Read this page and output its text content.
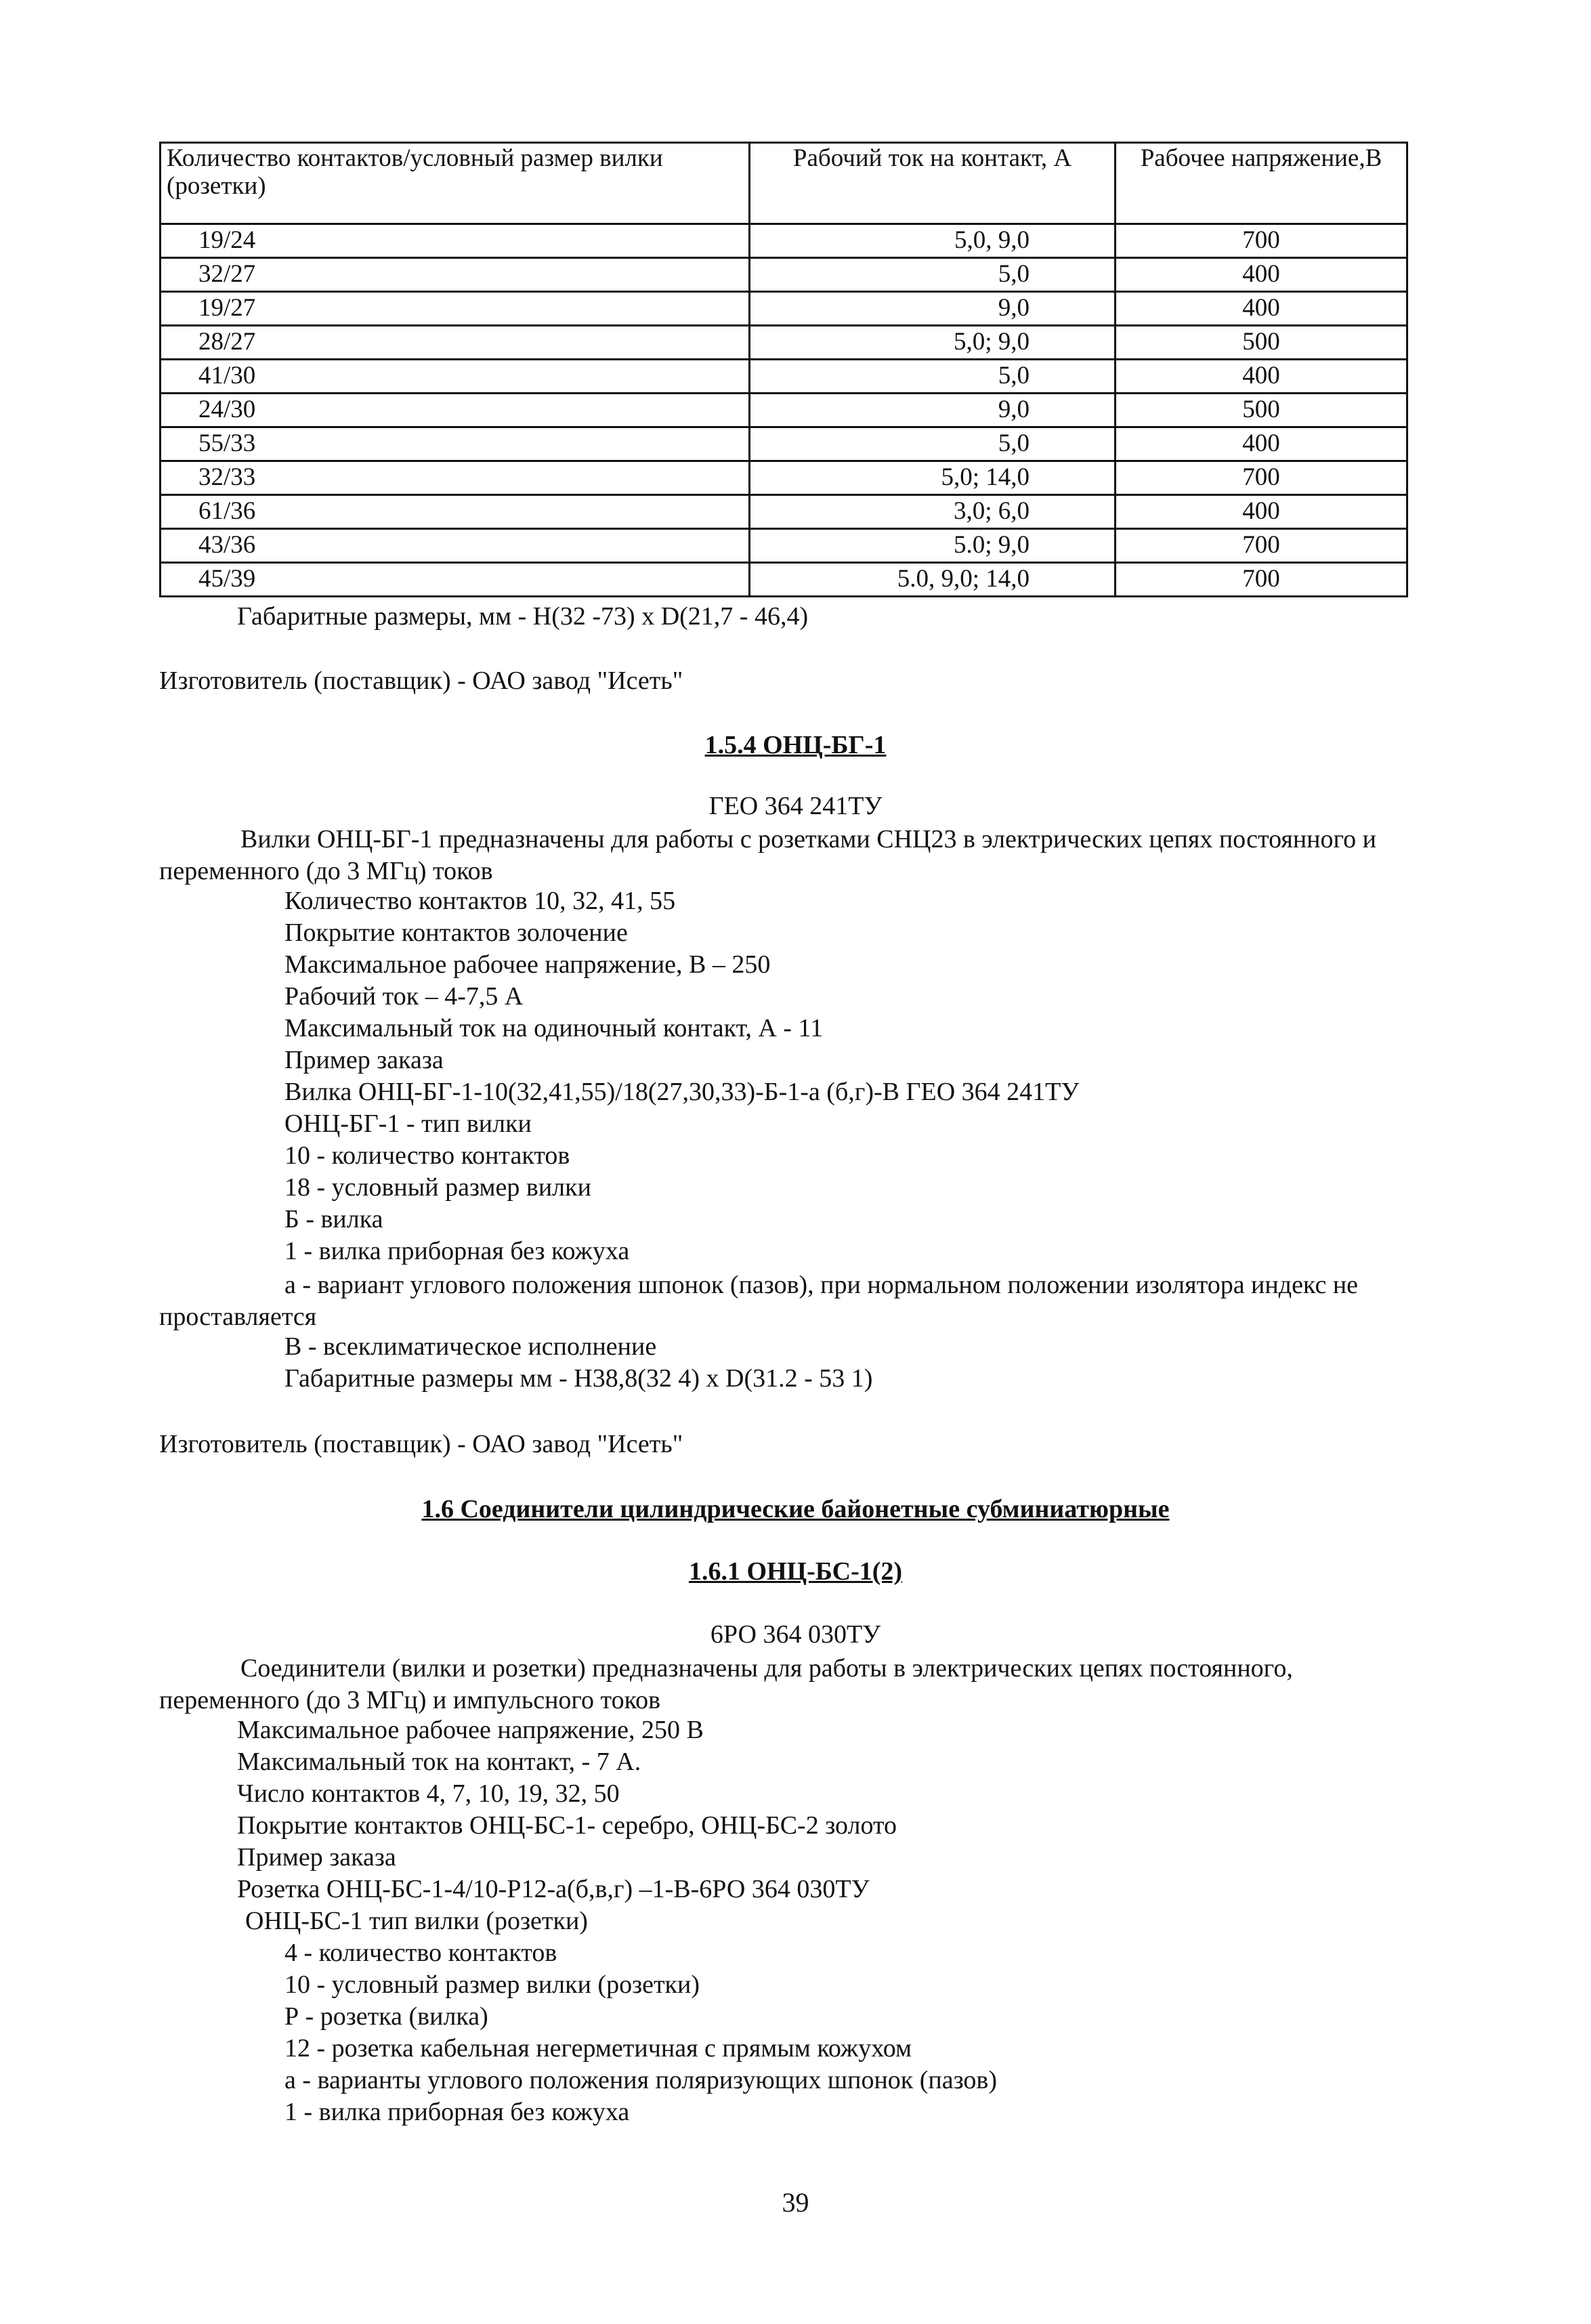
Количество контактов/условный размер вилки (розетки)	Рабочий ток на контакт, А	Рабочее напряжение,В
19/24	5,0, 9,0	700
32/27	5,0	400
19/27	9,0	400
28/27	5,0; 9,0	500
41/30	5,0	400
24/30	9,0	500
55/33	5,0	400
32/33	5,0; 14,0	700
61/36	3,0; 6,0	400
43/36	5.0; 9,0	700
45/39	5.0, 9,0; 14,0	700
Габаритные размеры, мм - Н(32 -73) х D(21,7 - 46,4)
Изготовитель (поставщик) - ОАО завод "Исеть"
1.5.4 ОНЦ-БГ-1
ГЕО 364 241ТУ
Вилки ОНЦ-БГ-1 предназначены для работы с розетками СНЦ23 в электрических цепях постоянного и переменного (до 3 МГц) токов
Количество контактов 10, 32, 41, 55
Покрытие контактов золочение
Максимальное рабочее напряжение, В – 250
Рабочий ток – 4-7,5 А
Максимальный ток на одиночный контакт, А - 11
Пример заказа
Вилка ОНЦ-БГ-1-10(32,41,55)/18(27,30,33)-Б-1-а (б,г)-В ГЕО 364 241ТУ
ОНЦ-БГ-1 - тип вилки
10 - количество контактов
18 - условный размер вилки
Б - вилка
1 - вилка приборная без кожуха
а - вариант углового положения шпонок (пазов), при нормальном положении изолятора индекс не проставляется
В - всеклиматическое исполнение
Габаритные размеры мм - Н38,8(32 4) х D(31.2 - 53 1)
Изготовитель (поставщик) - ОАО завод "Исеть"
1.6 Соединители цилиндрические байонетные субминиатюрные
1.6.1 ОНЦ-БС-1(2)
6РО 364 030ТУ
Соединители (вилки и розетки) предназначены для работы в электрических цепях постоянного, переменного (до 3 МГц) и импульсного токов
Максимальное рабочее напряжение, 250 В
Максимальный ток на контакт, - 7 А.
Число контактов 4, 7, 10, 19, 32, 50
Покрытие контактов ОНЦ-БС-1- серебро, ОНЦ-БС-2 золото
Пример заказа
Розетка ОНЦ-БС-1-4/10-Р12-а(б,в,г) –1-В-6РО 364 030ТУ
ОНЦ-БС-1 тип вилки (розетки)
4 - количество контактов
10 - условный размер вилки (розетки)
Р - розетка (вилка)
12 - розетка кабельная негерметичная с прямым кожухом
а - варианты углового положения поляризующих шпонок (пазов)
1 - вилка приборная без кожуха
39
